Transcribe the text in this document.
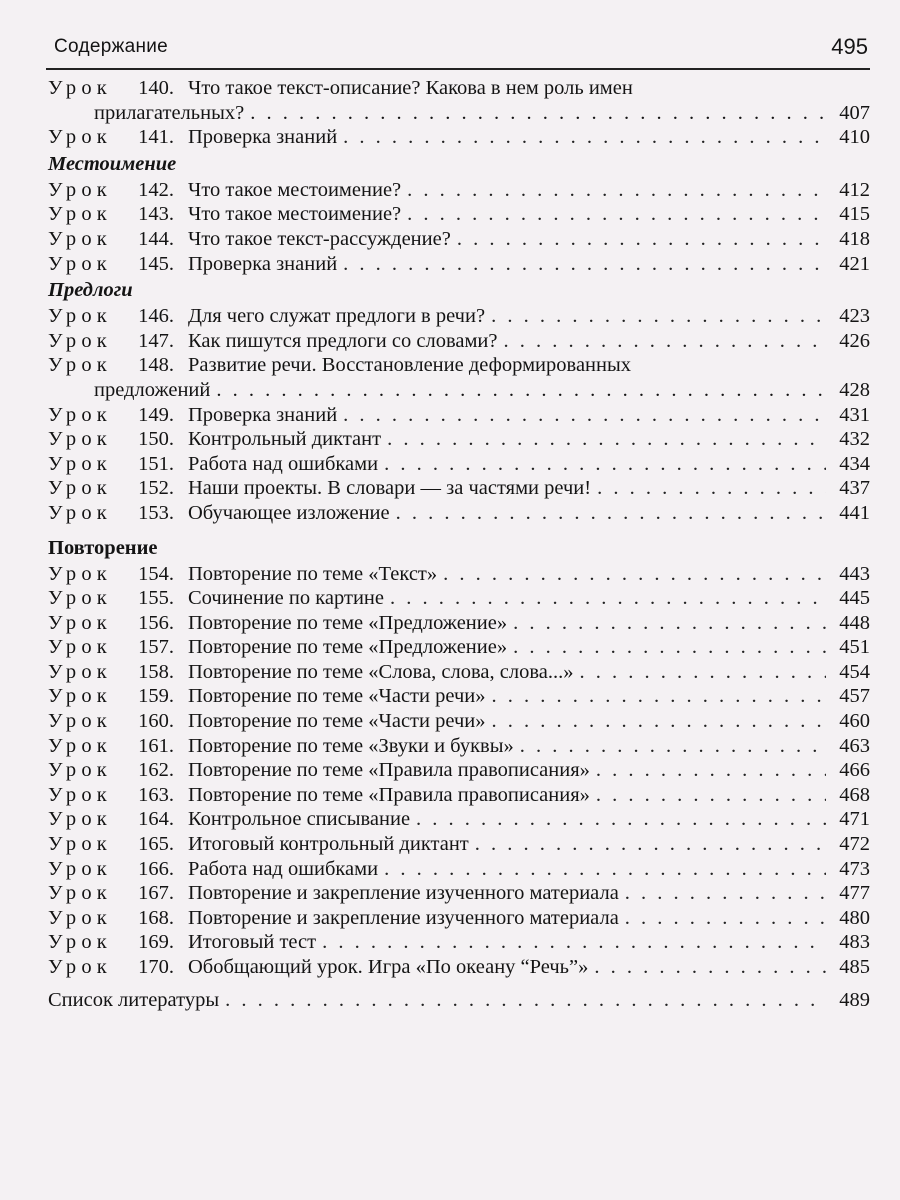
Содержание	495
Урок	140. Что такое текст-описание? Какова в нем роль имен
прилагательных? . . .	407
Урок	141. Проверка знаний . . .	410
Местоимение
Урок	142. Что такое местоимение? . . .	412
Урок	143. Что такое местоимение? . . .	415
Урок	144. Что такое текст-рассуждение? . . .	418
Урок	145. Проверка знаний . . .	421
Предлоги
Урок	146. Для чего служат предлоги в речи? . . .	423
Урок	147. Как пишутся предлоги со словами? . . .	426
Урок	148. Развитие речи. Восстановление деформированных
предложений . . .	428
Урок	149. Проверка знаний . . .	431
Урок	150. Контрольный диктант . . .	432
Урок	151. Работа над ошибками . . .	434
Урок	152. Наши проекты. В словари — за частями речи! . . .	437
Урок	153. Обучающее изложение . . .	441
Повторение
Урок	154. Повторение по теме «Текст» . . .	443
Урок	155. Сочинение по картине . . .	445
Урок	156. Повторение по теме «Предложение» . . .	448
Урок	157. Повторение по теме «Предложение» . . .	451
Урок	158. Повторение по теме «Слова, слова, слова...» . . .	454
Урок	159. Повторение по теме «Части речи» . . .	457
Урок	160. Повторение по теме «Части речи» . . .	460
Урок	161. Повторение по теме «Звуки и буквы» . . .	463
Урок	162. Повторение по теме «Правила правописания» . . .	466
Урок	163. Повторение по теме «Правила правописания» . . .	468
Урок	164. Контрольное списывание . . .	471
Урок	165. Итоговый контрольный диктант . . .	472
Урок	166. Работа над ошибками . . .	473
Урок	167. Повторение и закрепление изученного материала . . .	477
Урок	168. Повторение и закрепление изученного материала . . .	480
Урок	169. Итоговый тест . . .	483
Урок	170. Обобщающий урок. Игра «По океану “Речь”» . . .	485
Список литературы . . .	489
